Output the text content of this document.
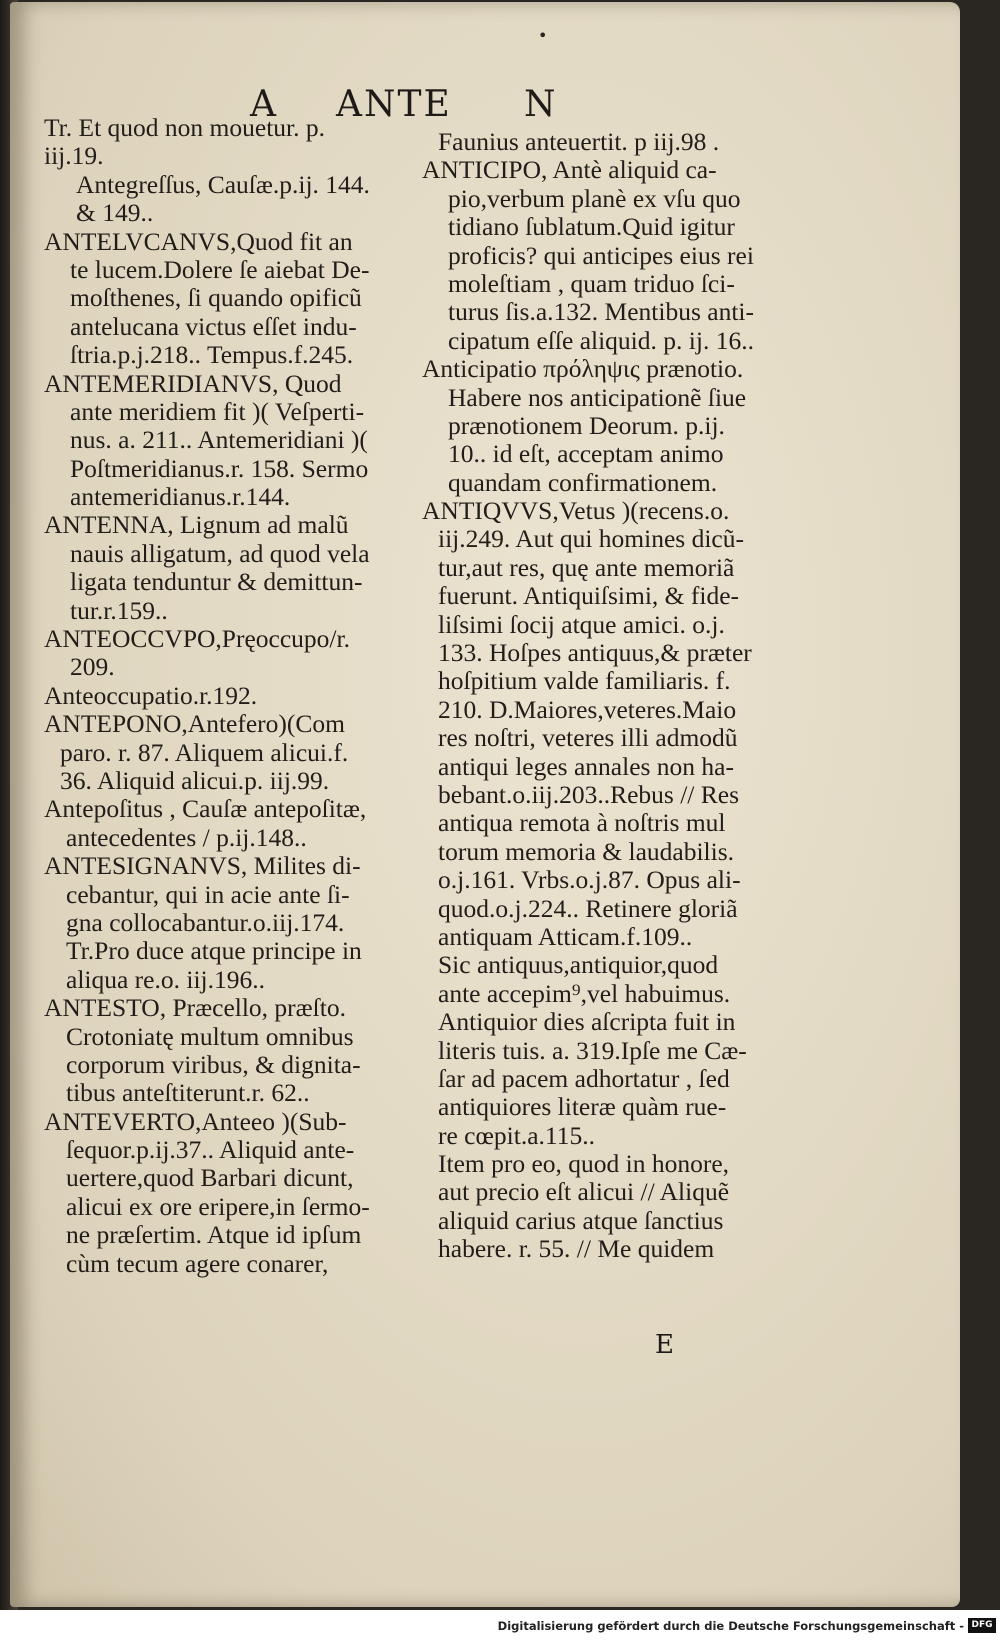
•
A ANTE N
Tr. Et quod non mouetur. p.
iij.19.
Antegreſſus, Cauſæ.p.ij. 144.
& 149..
ANTELVCANVS,Quod fit an
te lucem.Dolere ſe aiebat De-
moſthenes, ſi quando opificũ
antelucana victus eſſet indu-
ſtria.p.j.218.. Tempus.f.245.
ANTEMERIDIANVS, Quod
ante meridiem fit )( Veſperti-
nus. a. 211.. Antemeridiani )(
Poſtmeridianus.r. 158. Sermo
antemeridianus.r.144.
ANTENNA, Lignum ad malũ
nauis alligatum, ad quod vela
ligata tenduntur & demittun-
tur.r.159..
ANTEOCCVPO,Pręoccupo/r.
209.
Anteoccupatio.r.192.
ANTEPONO,Antefero)(Com
paro. r. 87. Aliquem alicui.f.
36. Aliquid alicui.p. iij.99.
Antepoſitus , Cauſæ antepoſitæ,
antecedentes / p.ij.148..
ANTESIGNANVS, Milites di-
cebantur, qui in acie ante ſi-
gna collocabantur.o.iij.174.
Tr.Pro duce atque principe in
aliqua re.o. iij.196..
ANTESTO, Præcello, præſto.
Crotoniatę multum omnibus
corporum viribus, & dignita-
tibus anteſtiterunt.r. 62..
ANTEVERTO,Anteeo )(Sub-
ſequor.p.ij.37.. Aliquid ante-
uertere,quod Barbari dicunt,
alicui ex ore eripere,in ſermo-
ne præſertim. Atque id ipſum
cùm tecum agere conarer,
Faunius anteuertit. p iij.98 .
ANTICIPO, Antè aliquid ca-
pio,verbum planè ex vſu quo
tidiano ſublatum.Quid igitur
proficis? qui anticipes eius rei
moleſtiam , quam triduo ſci-
turus ſis.a.132. Mentibus anti-
cipatum eſſe aliquid. p. ij. 16..
Anticipatio πρόληψις prænotio.
Habere nos anticipationẽ ſiue
prænotionem Deorum. p.ij.
10.. id eſt, acceptam animo
quandam confirmationem.
ANTIQVVS,Vetus )(recens.o.
iij.249. Aut qui homines dicũ-
tur,aut res, quę ante memoriã
fuerunt. Antiquiſsimi, & fide-
liſsimi ſocij atque amici. o.j.
133. Hoſpes antiquus,& præter
hoſpitium valde familiaris. f.
210. D.Maiores,veteres.Maio
res noſtri, veteres illi admodũ
antiqui leges annales non ha-
bebant.o.iij.203..Rebus // Res
antiqua remota à noſtris mul
torum memoria & laudabilis.
o.j.161. Vrbs.o.j.87. Opus ali-
quod.o.j.224.. Retinere gloriã
antiquam Atticam.f.109..
Sic antiquus,antiquior,quod
ante accepim⁹,vel habuimus.
Antiquior dies aſcripta fuit in
literis tuis. a. 319.Ipſe me Cæ-
ſar ad pacem adhortatur , ſed
antiquiores literæ quàm rue-
re cœpit.a.115..
Item pro eo, quod in honore,
aut precio eſt alicui // Aliquẽ
aliquid carius atque ſanctius
habere. r. 55. // Me quidem
E
Digitalisierung gefördert durch die Deutsche Forschungsgemeinschaft - DFG
